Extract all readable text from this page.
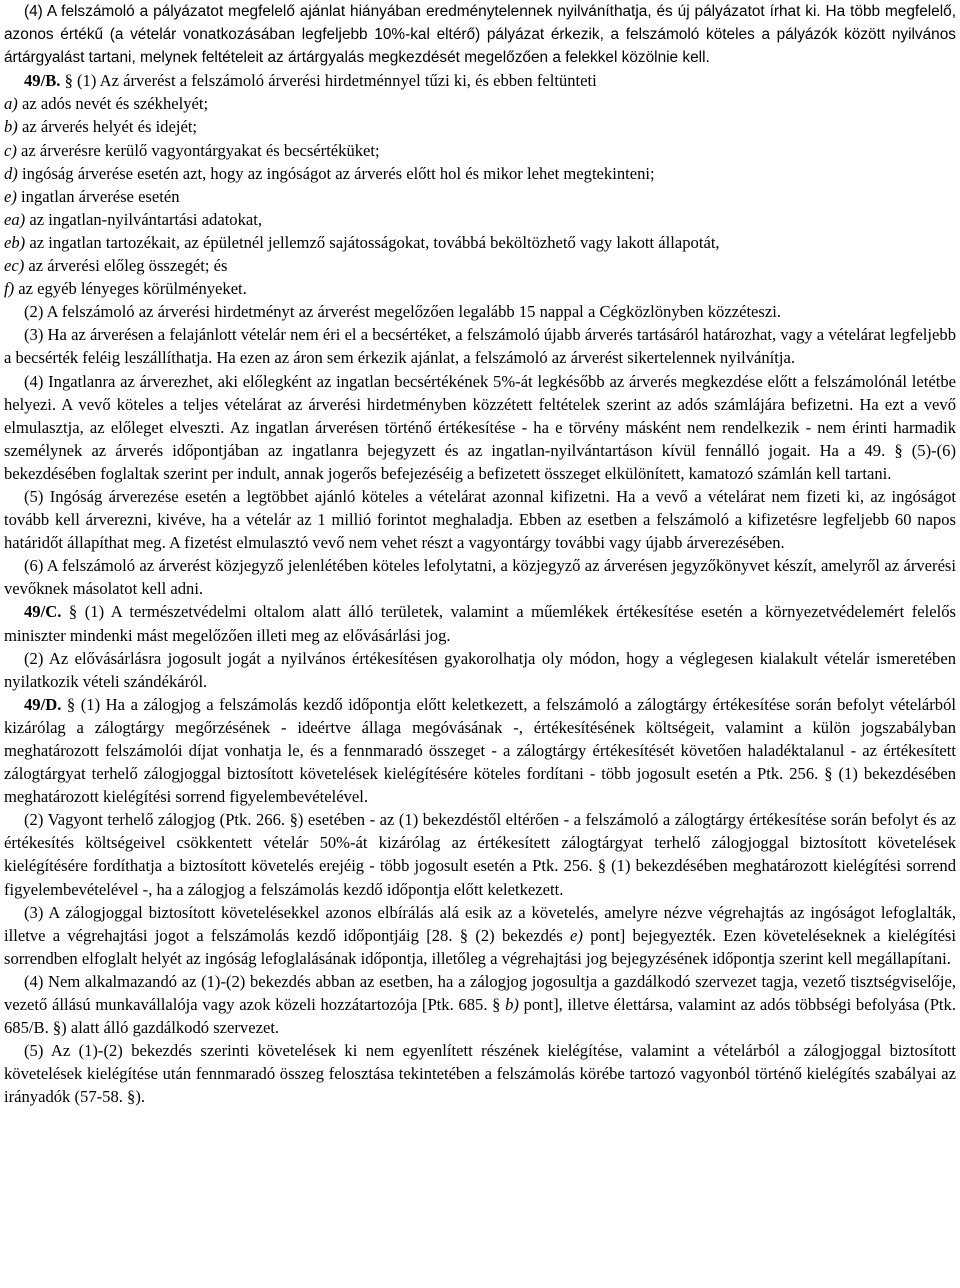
(4) A felszámoló a pályázatot megfelelő ajánlat hiányában eredménytelennek nyilváníthatja, és új pályázatot írhat ki. Ha több megfelelő, azonos értékű (a vételár vonatkozásában legfeljebb 10%-kal eltérő) pályázat érkezik, a felszámoló köteles a pályázók között nyilvános ártárgyalást tartani, melynek feltételeit az ártárgyalás megkezdését megelőzően a felekkel közölnie kell.

49/B. § (1) Az árverést a felszámoló árverési hirdetménnyel tűzi ki, és ebben feltünteti

a) az adós nevét és székhelyét;

b) az árverés helyét és idejét;

c) az árverésre kerülő vagyontárgyakat és becsértéküket;

d) ingóság árverése esetén azt, hogy az ingóságot az árverés előtt hol és mikor lehet megtekinteni;

e) ingatlan árverése esetén

ea) az ingatlan-nyilvántartási adatokat,

eb) az ingatlan tartozékait, az épületnél jellemző sajátosságokat, továbbá beköltözhető vagy lakott állapotát,

ec) az árverési előleg összegét; és

f) az egyéb lényeges körülményeket.

(2) A felszámoló az árverési hirdetményt az árverést megelőzően legalább 15 nappal a Cégközlönyben közzéteszi.

(3) Ha az árverésen a felajánlott vételár nem éri el a becsértéket, a felszámoló újabb árverés tartásáról határozhat, vagy a vételárat legfeljebb a becsérték feléig leszállíthatja. Ha ezen az áron sem érkezik ajánlat, a felszámoló az árverést sikertelennek nyilvánítja.

(4) Ingatlanra az árverezhet, aki előlegként az ingatlan becsértékének 5%-át legkésőbb az árverés megkezdése előtt a felszámolónál letétbe helyezi. A vevő köteles a teljes vételárat az árverési hirdetményben közzétett feltételek szerint az adós számlájára befizetni. Ha ezt a vevő elmulasztja, az előleget elveszti. Az ingatlan árverésen történő értékesítése - ha e törvény másként nem rendelkezik - nem érinti harmadik személynek az árverés időpontjában az ingatlanra bejegyzett és az ingatlan-nyilvántartáson kívül fennálló jogait. Ha a 49. § (5)-(6) bekezdésében foglaltak szerint per indult, annak jogerős befejezéséig a befizetett összeget elkülönített, kamatozó számlán kell tartani.

(5) Ingóság árverezése esetén a legtöbbet ajánló köteles a vételárat azonnal kifizetni. Ha a vevő a vételárat nem fizeti ki, az ingóságot tovább kell árverezni, kivéve, ha a vételár az 1 millió forintot meghaladja. Ebben az esetben a felszámoló a kifizetésre legfeljebb 60 napos határidőt állapíthat meg. A fizetést elmulasztó vevő nem vehet részt a vagyontárgy további vagy újabb árverezésében.

(6) A felszámoló az árverést közjegyző jelenlétében köteles lefolytatni, a közjegyző az árverésen jegyzőkönyvet készít, amelyről az árverési vevőknek másolatot kell adni.

49/C. § (1) A természetvédelmi oltalom alatt álló területek, valamint a műemlékek értékesítése esetén a környezetvédelemért felelős miniszter mindenki mást megelőzően illeti meg az elővásárlási jog.

(2) Az elővásárlásra jogosult jogát a nyilvános értékesítésen gyakorolhatja oly módon, hogy a véglegesen kialakult vételár ismeretében nyilatkozik vételi szándékáról.

49/D. § (1) Ha a zálogjog a felszámolás kezdő időpontja előtt keletkezett, a felszámoló a zálogtárgy értékesítése során befolyt vételárból kizárólag a zálogtárgy megőrzésének - ideértve állaga megóvásának -, értékesítésének költségeit, valamint a külön jogszabályban meghatározott felszámolói díjat vonhatja le, és a fennmaradó összeget - a zálogtárgy értékesítését követően haladéktalanul - az értékesített zálogtárgyat terhelő zálogjoggal biztosított követelések kielégítésére köteles fordítani - több jogosult esetén a Ptk. 256. § (1) bekezdésében meghatározott kielégítési sorrend figyelembevételével.

(2) Vagyont terhelő zálogjog (Ptk. 266. §) esetében - az (1) bekezdéstől eltérően - a felszámoló a zálogtárgy értékesítése során befolyt és az értékesítés költségeivel csökkentett vételár 50%-át kizárólag az értékesített zálogtárgyat terhelő zálogjoggal biztosított követelések kielégítésére fordíthatja a biztosított követelés erejéig - több jogosult esetén a Ptk. 256. § (1) bekezdésében meghatározott kielégítési sorrend figyelembevételével -, ha a zálogjog a felszámolás kezdő időpontja előtt keletkezett.

(3) A zálogjoggal biztosított követelésekkel azonos elbírálás alá esik az a követelés, amelyre nézve végrehajtás az ingóságot lefoglalták, illetve a végrehajtási jogot a felszámolás kezdő időpontjáig [28. § (2) bekezdés e) pont] bejegyezték. Ezen követeléseknek a kielégítési sorrendben elfoglalt helyét az ingóság lefoglalásának időpontja, illetőleg a végrehajtási jog bejegyzésének időpontja szerint kell megállapítani.

(4) Nem alkalmazandó az (1)-(2) bekezdés abban az esetben, ha a zálogjog jogosultja a gazdálkodó szervezet tagja, vezető tisztségviselője, vezető állású munkavállalója vagy azok közeli hozzátartozója [Ptk. 685. § b) pont], illetve élettársa, valamint az adós többségi befolyása (Ptk. 685/B. §) alatt álló gazdálkodó szervezet.

(5) Az (1)-(2) bekezdés szerinti követelések ki nem egyenlített részének kielégítése, valamint a vételárból a zálogjoggal biztosított követelések kielégítése után fennmaradó összeg felosztása tekintetében a felszámolás körébe tartozó vagyonból történő kielégítés szabályai az irányadók (57-58. §).
